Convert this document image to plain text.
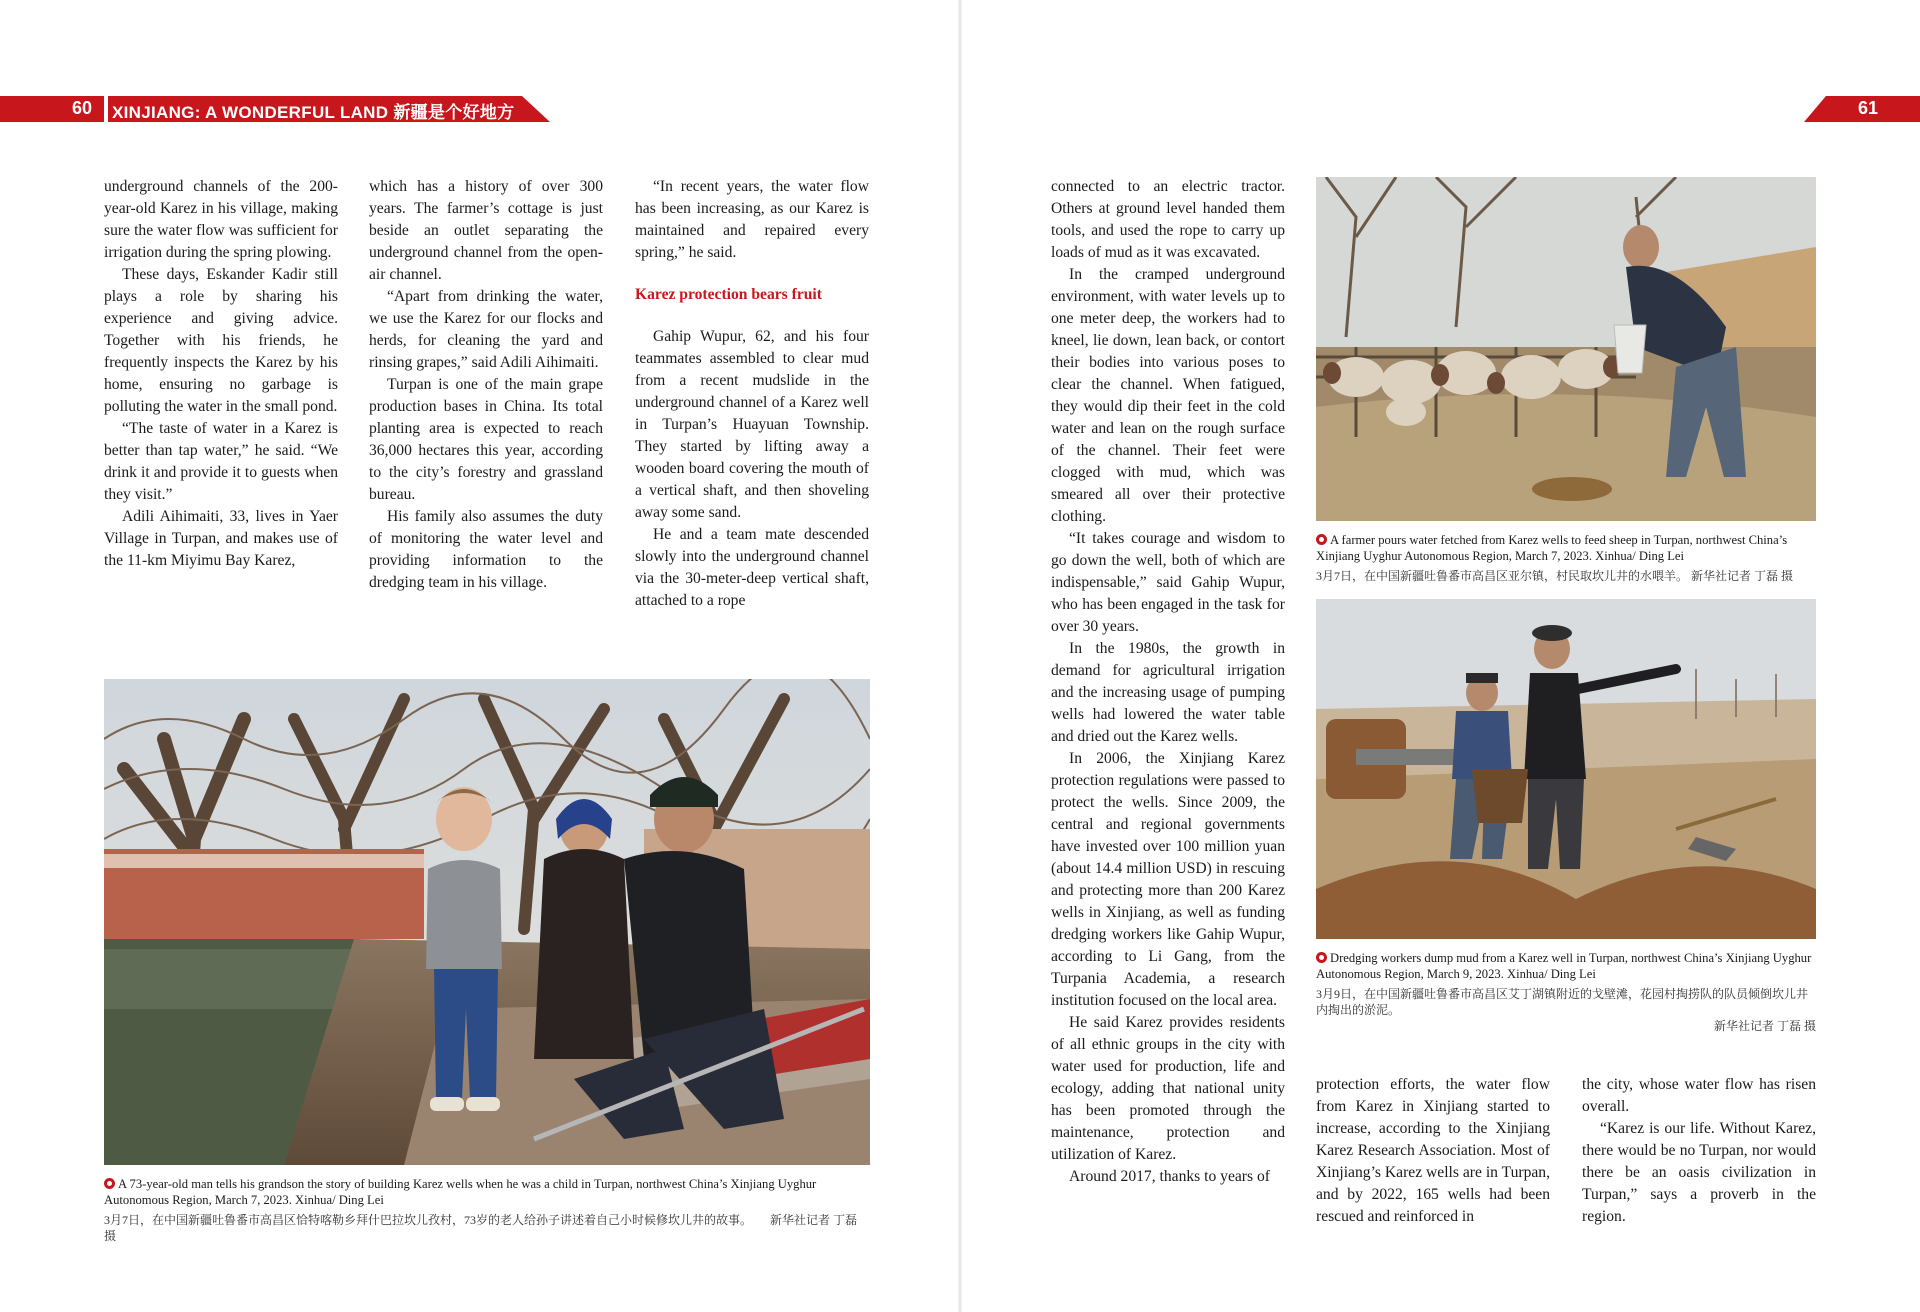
60 XINJIANG: A WONDERFUL LAND 新疆是个好地方	61

underground channels of the 200-year-old Karez in his village, making sure the water flow was sufficient for irrigation during the spring plowing.

These days, Eskander Kadir still plays a role by sharing his experience and giving advice. Together with his friends, he frequently inspects the Karez by his home, ensuring no garbage is polluting the water in the small pond.

“The taste of water in a Karez is better than tap water,” he said. “We drink it and provide it to guests when they visit.”

Adili Aihimaiti, 33, lives in Yaer Village in Turpan, and makes use of the 11-km Miyimu Bay Karez,

which has a history of over 300 years. The farmer’s cottage is just beside an outlet separating the underground channel from the open-air channel.

“Apart from drinking the water, we use the Karez for our flocks and herds, for cleaning the yard and rinsing grapes,” said Adili Aihimaiti.

Turpan is one of the main grape production bases in China. Its total planting area is expected to reach 36,000 hectares this year, according to the city’s forestry and grassland bureau.

His family also assumes the duty of monitoring the water level and providing information to the dredging team in his village.

“In recent years, the water flow has been increasing, as our Karez is maintained and repaired every spring,” he said.

Karez protection bears fruit

Gahip Wupur, 62, and his four teammates assembled to clear mud from a recent mudslide in the underground channel of a Karez well in Turpan’s Huayuan Township. They started by lifting away a wooden board covering the mouth of a vertical shaft, and then shoveling away some sand.

He and a team mate descended slowly into the underground channel via the 30-meter-deep vertical shaft, attached to a rope

A 73-year-old man tells his grandson the story of building Karez wells when he was a child in Turpan, northwest China’s Xinjiang Uyghur Autonomous Region, March 7, 2023. Xinhua/ Ding Lei
3月7日，在中国新疆吐鲁番市高昌区恰特喀勒乡拜什巴拉坎儿孜村，73岁的老人给孙子讲述着自己小时候修坎儿井的故事。　　 新华社记者 丁磊 摄

connected to an electric tractor. Others at ground level handed them tools, and used the rope to carry up loads of mud as it was excavated.

In the cramped underground environment, with water levels up to one meter deep, the workers had to kneel, lie down, lean back, or contort their bodies into various poses to clear the channel. When fatigued, they would dip their feet in the cold water and lean on the rough surface of the channel. Their feet were clogged with mud, which was smeared all over their protective clothing.

“It takes courage and wisdom to go down the well, both of which are indispensable,” said Gahip Wupur, who has been engaged in the task for over 30 years.

In the 1980s, the growth in demand for agricultural irrigation and the increasing usage of pumping wells had lowered the water table and dried out the Karez wells.

In 2006, the Xinjiang Karez protection regulations were passed to protect the wells. Since 2009, the central and regional governments have invested over 100 million yuan (about 14.4 million USD) in rescuing and protecting more than 200 Karez wells in Xinjiang, as well as funding dredging workers like Gahip Wupur, according to Li Gang, from the Turpania Academia, a research institution focused on the local area.

He said Karez provides residents of all ethnic groups in the city with water used for production, life and ecology, adding that national unity has been promoted through the maintenance, protection and utilization of Karez.

Around 2017, thanks to years of

A farmer pours water fetched from Karez wells to feed sheep in Turpan, northwest China’s Xinjiang Uyghur Autonomous Region, March 7, 2023. Xinhua/ Ding Lei
3月7日，在中国新疆吐鲁番市高昌区亚尔镇，村民取坎儿井的水喂羊。 新华社记者 丁磊 摄
Dredging workers dump mud from a Karez well in Turpan, northwest China’s Xinjiang Uyghur Autonomous Region, March 9, 2023. Xinhua/ Ding Lei
3月9日，在中国新疆吐鲁番市高昌区艾丁湖镇附近的戈壁滩，花园村掏捞队的队员倾倒坎儿井内掏出的淤泥。

新华社记者 丁磊 摄

protection efforts, the water flow from Karez in Xinjiang started to increase, according to the Xinjiang Karez Research Association. Most of Xinjiang’s Karez wells are in Turpan, and by 2022, 165 wells had been rescued and reinforced in

the city, whose water flow has risen overall.

“Karez is our life. Without Karez, there would be no Turpan, nor would there be an oasis civilization in Turpan,” says a proverb in the region.
